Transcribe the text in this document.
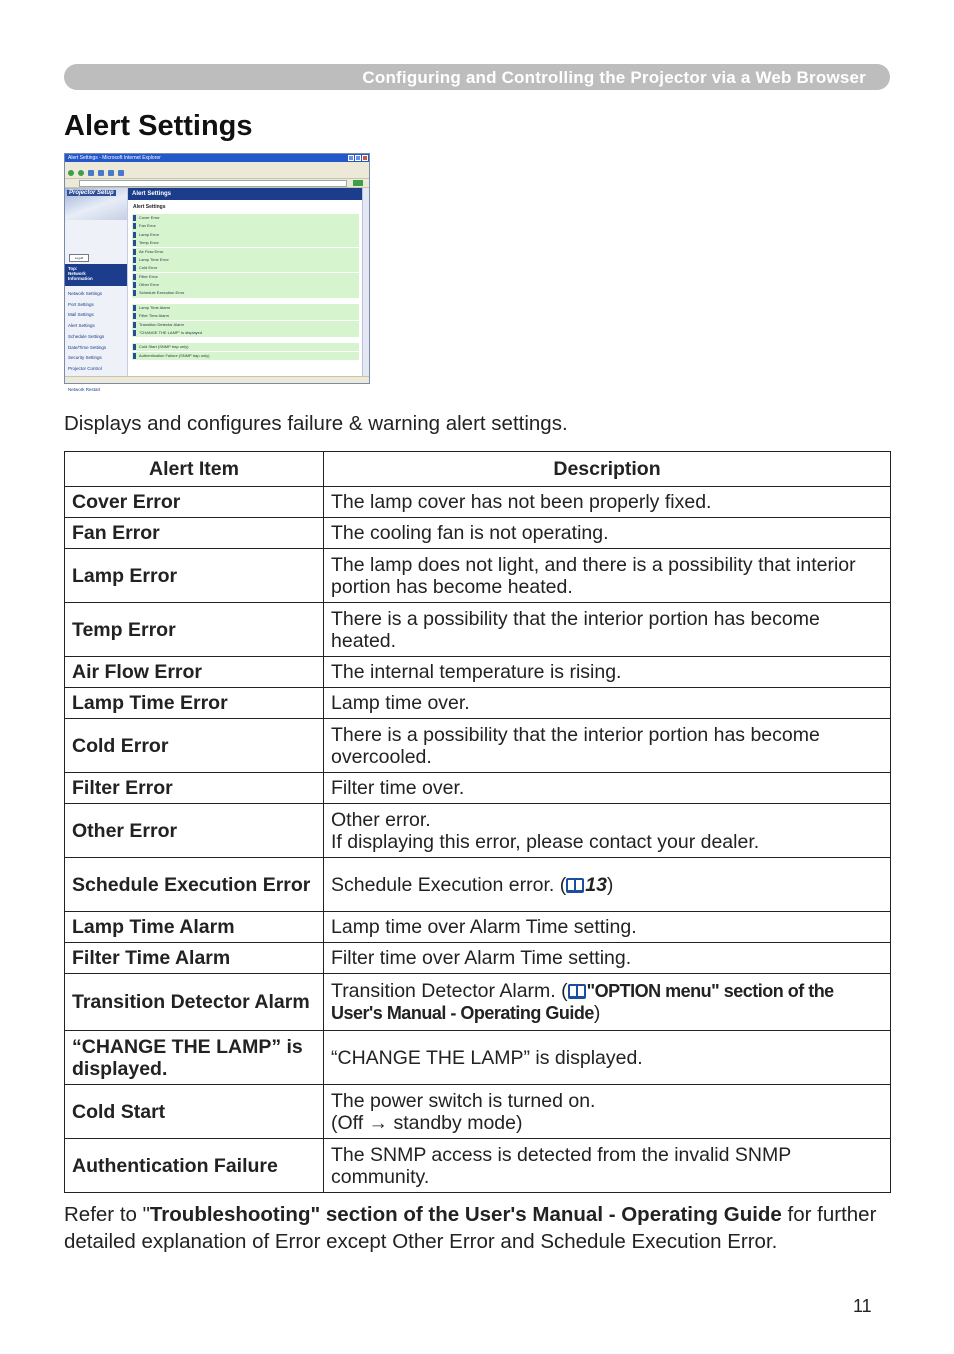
Configuring and Controlling the Projector via a Web Browser
Alert Settings
Alert Settings - Microsoft Internet Explorer
Projector Setup
Logoff
Top:
Network
Information
Network Settings
Port Settings
Mail Settings
Alert Settings
Schedule Settings
Date/Time Settings
Security Settings
Projector Control
Network Restart
Alert Settings
Alert Settings
Cover Error
Fan Error
Lamp Error
Temp Error
Air Flow Error
Lamp Time Error
Cold Error
Filter Error
Other Error
Schedule Execution Error
Lamp Time Alarm
Filter Time Alarm
Transition Detector Alarm
"CHANGE THE LAMP" is displayed
Cold Start (SNMP trap only)
Authentication Failure (SNMP trap only)

Displays and configures failure & warning alert settings.

Alert Item	Description
Cover Error	The lamp cover has not been properly fixed.
Fan Error	The cooling fan is not operating.
Lamp Error	The lamp does not light, and there is a possibility that interior portion has become heated.
Temp Error	There is a possibility that the interior portion has become heated.
Air Flow Error	The internal temperature is rising.
Lamp Time Error	Lamp time over.
Cold Error	There is a possibility that the interior portion has become overcooled.
Filter Error	Filter time over.
Other Error	Other error.
If displaying this error, please contact your dealer.
Schedule Execution Error	Schedule Execution error. ( 13)
Lamp Time Alarm	Lamp time over Alarm Time setting.
Filter Time Alarm	Filter time over Alarm Time setting.
Transition Detector Alarm	Transition Detector Alarm. ( "OPTION menu" section of the User's Manual - Operating Guide)
“CHANGE THE LAMP” is displayed.	“CHANGE THE LAMP” is displayed.
Cold Start	The power switch is turned on.
(Off → standby mode)
Authentication Failure	The SNMP access is detected from the invalid SNMP community.

Refer to "Troubleshooting" section of the User's Manual - Operating Guide for further detailed explanation of Error except Other Error and Schedule Execution Error.

11
